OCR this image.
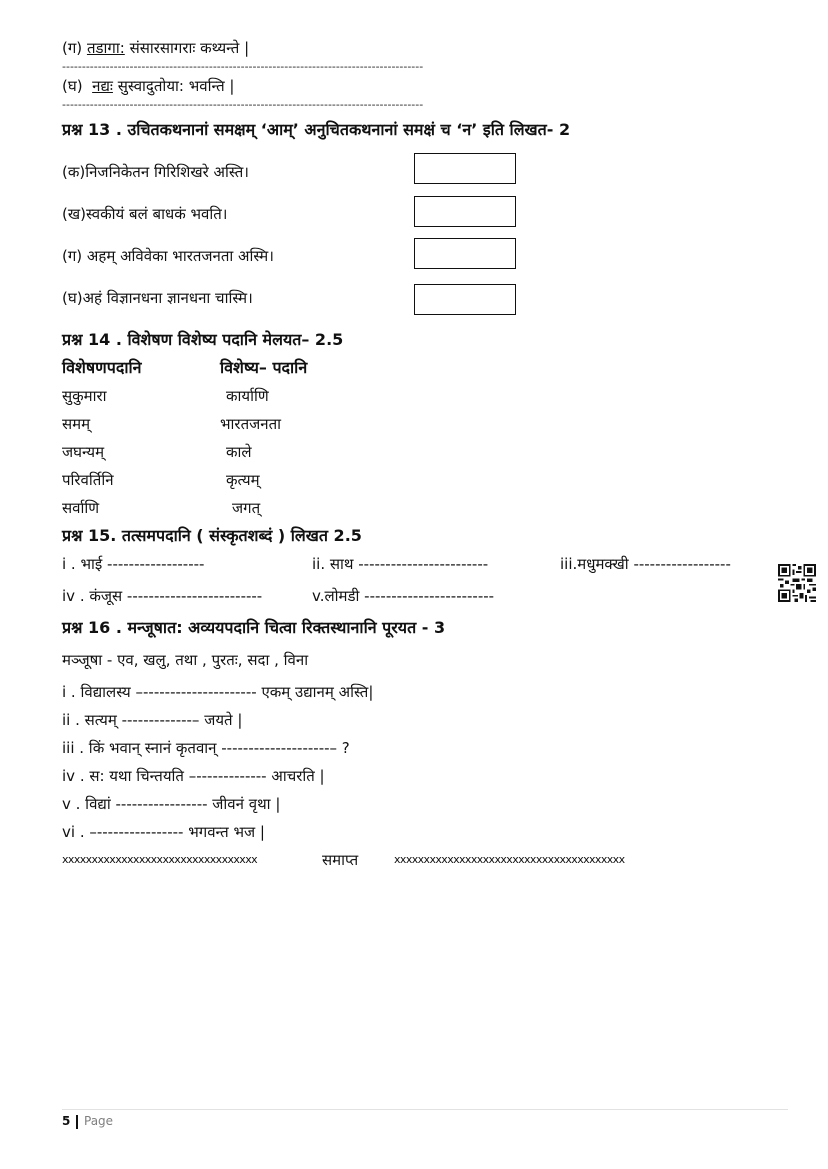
(ग) तडागा: संसारसागराः कथ्यन्ते |
-------------------------------------------------------------------------------------------
(घ) नद्यः सुस्वादुतोया: भवन्ति |
-------------------------------------------------------------------------------------------
प्रश्न 13 . उचितकथनानां समक्षम् ‘आम्’ अनुचितकथनानां समक्षं च ‘न’ इति लिखत- 2
(क)निजनिकेतन गिरिशिखरे अस्ति।
(ख)स्वकीयं बलं बाधकं भवति।
(ग) अहम् अविवेका भारतजनता अस्मि।
(घ)अहं विज्ञानधना ज्ञानधना चास्मि।
प्रश्न 14 . विशेषण विशेष्य पदानि मेलयत– 2.5
विशेषणपदानि	विशेष्य– पदानि
सुकुमारा	कार्याणि
समम्	भारतजनता
जघन्यम्	काले
परिवर्तिनि	कृत्यम्
सर्वाणि	जगत्
प्रश्न 15. तत्समपदानि ( संस्कृतशब्दं ) लिखत 2.5
i . भाई ------------------	ii. साथ ------------------------	iii.मधुमक्खी ------------------
iv . कंजूस -------------------------	v.लोमडी ------------------------
प्रश्न 16 . मन्जूषात: अव्ययपदानि चित्वा रिक्तस्थानानि पूरयत - 3
मञ्जूषा - एव, खलु, तथा , पुरतः, सदा , विना
i . विद्यालस्य –--------------------- एकम् उद्यानम् अस्ति|
ii . सत्यम् -------------– जयते |
iii . किं भवान् स्नानं कृतवान् --------------------– ?
iv . स: यथा चिन्तयति –------------- आचरति |
v . विद्यां ----------------- जीवनं वृथा |
vi . –---------------- भगवन्त भज |
xxxxxxxxxxxxxxxxxxxxxxxxxxxxxxxxx	समाप्त	xxxxxxxxxxxxxxxxxxxxxxxxxxxxxxxxxxxxxxx
5 Page
